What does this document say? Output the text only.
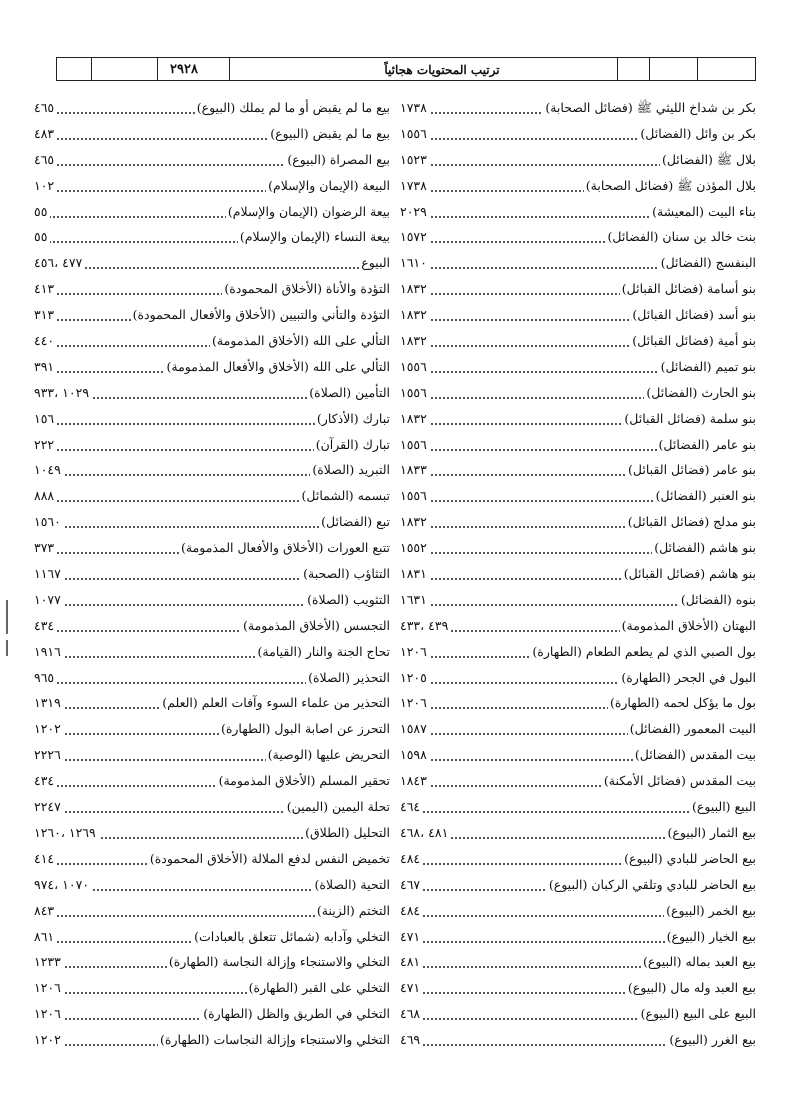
٢٩٢٨	ترتيب المحتويات هجائياً
بكر بن شداخ الليثي ﷺ (فضائل الصحابة)
١٧٣٨
بكر بن وائل (الفضائل)
١٥٥٦
بلال ﷺ (الفضائل)
١٥٢٣
بلال المؤذن ﷺ (فضائل الصحابة)
١٧٣٨
بناء البيت (المعيشة)
٢٠٢٩
بنت خالد بن سنان (الفضائل)
١٥٧٢
البنفسج (الفضائل)
١٦١٠
بنو أسامة (فضائل القبائل)
١٨٣٢
بنو أسد (فضائل القبائل)
١٨٣٢
بنو أمية (فضائل القبائل)
١٨٣٢
بنو تميم (الفضائل)
١٥٥٦
بنو الحارث (الفضائل)
١٥٥٦
بنو سلمة (فضائل القبائل)
١٨٣٢
بنو عامر (الفضائل)
١٥٥٦
بنو عامر (فضائل القبائل)
١٨٣٣
بنو العنبر (الفضائل)
١٥٥٦
بنو مدلج (فضائل القبائل)
١٨٣٢
بنو هاشم (الفضائل)
١٥٥٢
بنو هاشم (فضائل القبائل)
١٨٣١
بنوه (الفضائل)
١٦٣١
البهتان (الأخلاق المذمومة)
٤٣٩ ،٤٣٣
بول الصبي الذي لم يطعم الطعام (الطهارة)
١٢٠٦
البول في الجحر (الطهارة)
١٢٠٥
بول ما يؤكل لحمه (الطهارة)
١٢٠٦
البيت المعمور (الفضائل)
١٥٨٧
بيت المقدس (الفضائل)
١٥٩٨
بيت المقدس (فضائل الأمكنة)
١٨٤٣
البيع (البيوع)
٤٦٤
بيع الثمار (البيوع)
٤٨١ ،٤٦٨
بيع الحاضر للبادي (البيوع)
٤٨٤
بيع الحاضر للبادي وتلقي الركبان (البيوع)
٤٦٧
بيع الخمر (البيوع)
٤٨٤
بيع الخيار (البيوع)
٤٧١
بيع العبد بماله (البيوع)
٤٨١
بيع العبد وله مال (البيوع)
٤٧١
البيع على البيع (البيوع)
٤٦٨
بيع الغرر (البيوع)
٤٦٩
بيع ما لم يقبض أو ما لم يملك (البيوع)
٤٦٥
بيع ما لم يقبض (البيوع)
٤٨٣
بيع المصراة (البيوع)
٤٦٥
البيعة (الإيمان والإسلام)
١٠٢
بيعة الرضوان (الإيمان والإسلام)
٥٥
بيعة النساء (الإيمان والإسلام)
٥٥
البيوع
٤٧٧ ،٤٥٦
التؤدة والأناة (الأخلاق المحمودة)
٤١٣
التؤدة والتأني والتبيين (الأخلاق والأفعال المحمودة)
٣١٣
التألي على الله (الأخلاق المذمومة)
٤٤٠
التألي على الله (الأخلاق والأفعال المذمومة)
٣٩١
التأمين (الصلاة)
١٠٢٩ ،٩٣٣
تبارك (الأذكار)
١٥٦
تبارك (القرآن)
٢٢٢
التبريد (الصلاة)
١٠٤٩
تبسمه (الشمائل)
٨٨٨
تبع (الفضائل)
١٥٦٠
تتبع العورات (الأخلاق والأفعال المذمومة)
٣٧٣
التثاؤب (الصحبة)
١١٦٧
التثويب (الصلاة)
١٠٧٧
التجسس (الأخلاق المذمومة)
٤٣٤
تحاج الجنة والنار (القيامة)
١٩١٦
التحذير (الصلاة)
٩٦٥
التحذير من علماء السوء وآفات العلم (العلم)
١٣١٩
التحرز عن اصابة البول (الطهارة)
١٢٠٢
التحريض عليها (الوصية)
٢٢٢٦
تحقير المسلم (الأخلاق المذمومة)
٤٣٤
تحلة اليمين (اليمين)
٢٢٤٧
التحليل (الطلاق)
١٢٦٩ ،١٢٦٠
تخميض النفس لدفع الملالة (الأخلاق المحمودة)
٤١٤
التحية (الصلاة)
١٠٧٠ ،٩٧٤
التختم (الزينة)
٨٤٣
التخلي وآدابه (شمائل تتعلق بالعبادات)
٨٦١
التخلي والاستنجاء وإزالة النجاسة (الطهارة)
١٢٣٣
التخلي على القبر (الطهارة)
١٢٠٦
التخلي في الطريق والظل (الطهارة)
١٢٠٦
التخلي والاستنجاء وإزالة النجاسات (الطهارة)
١٢٠٢
